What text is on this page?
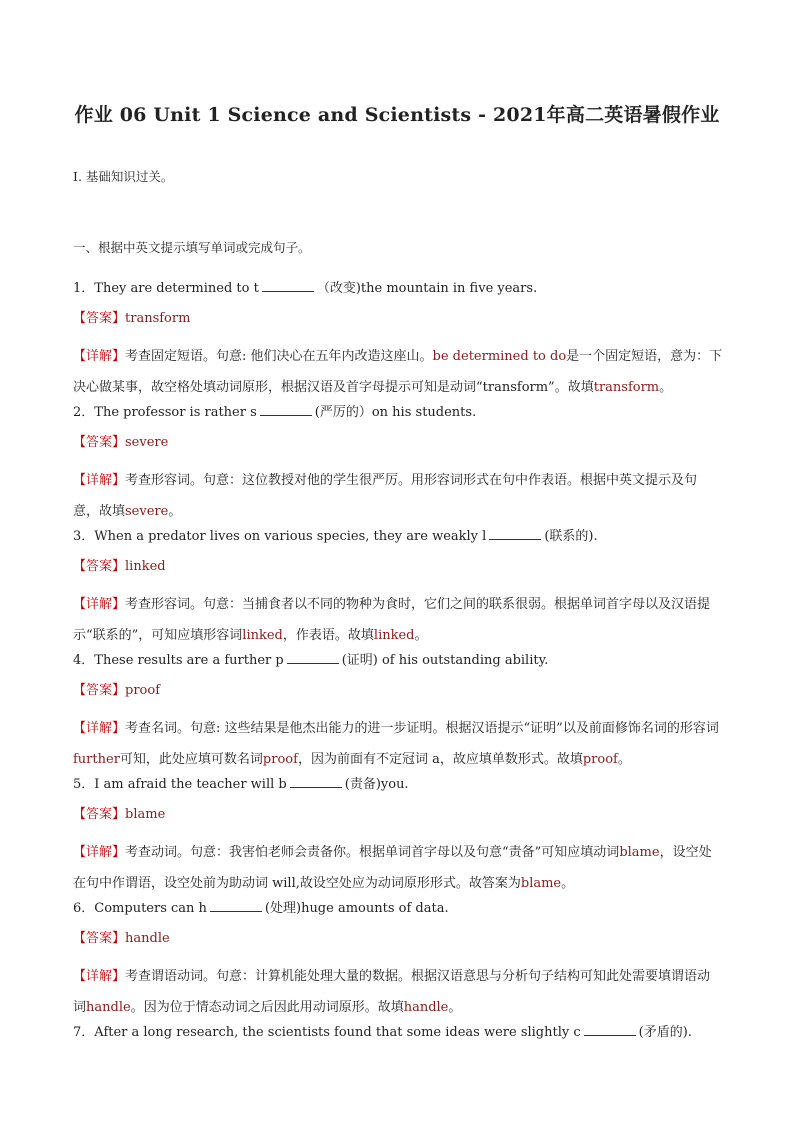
作业 06 Unit 1 Science and Scientists - 2021年高二英语暑假作业
I. 基础知识过关。
一、根据中英文提示填写单词或完成句子。
1．They are determined to t	（改变)the mountain in five years.
【答案】transform
【详解】考查固定短语。句意: 他们决心在五年内改造这座山。be determined to do是一个固定短语，意为：下决心做某事，故空格处填动词原形，根据汉语及首字母提示可知是动词“transform”。故填transform。
2．The professor is rather s	(严厉的）on his students.
【答案】severe
【详解】考查形容词。句意：这位教授对他的学生很严厉。用形容词形式在句中作表语。根据中英文提示及句意，故填severe。
3．When a predator lives on various species, they are weakly l	(联系的).
【答案】linked
【详解】考查形容词。句意：当捕食者以不同的物种为食时，它们之间的联系很弱。根据单词首字母以及汉语提示“联系的”，可知应填形容词linked，作表语。故填linked。
4．These results are a further p	(证明) of his outstanding ability.
【答案】proof
【详解】考查名词。句意: 这些结果是他杰出能力的进一步证明。根据汉语提示“证明”以及前面修饰名词的形容词further可知，此处应填可数名词proof，因为前面有不定冠词 a，故应填单数形式。故填proof。
5．I am afraid the teacher will b	(责备)you.
【答案】blame
【详解】考查动词。句意：我害怕老师会责备你。根据单词首字母以及句意“责备”可知应填动词blame，设空处在句中作谓语，设空处前为助动词 will,故设空处应为动词原形形式。故答案为blame。
6．Computers can h	(处理)huge amounts of data.
【答案】handle
【详解】考查谓语动词。句意：计算机能处理大量的数据。根据汉语意思与分析句子结构可知此处需要填谓语动词handle。因为位于情态动词之后因此用动词原形。故填handle。
7．After a long research, the scientists found that some ideas were slightly c	(矛盾的).
